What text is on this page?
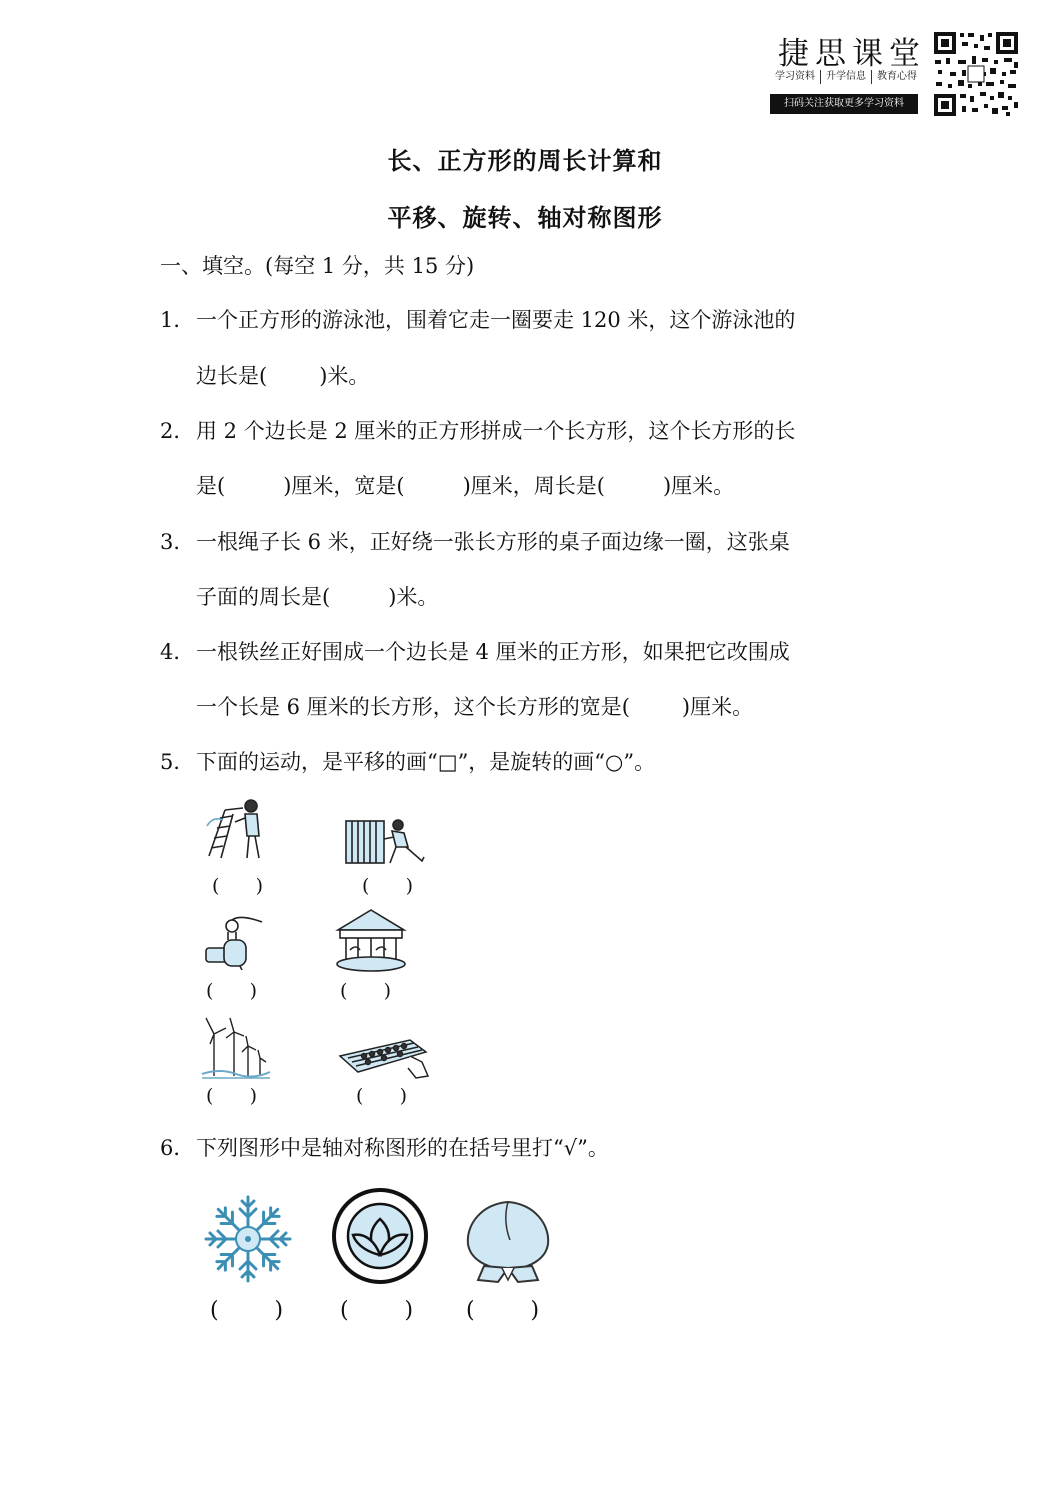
捷思课堂
学习资料	升学信息	教育心得
扫码关注获取更多学习资料
长、正方形的周长计算和
平移、旋转、轴对称图形
一、填空。(每空 1 分，共 15 分)
1．一个正方形的游泳池，围着它走一圈要走 120 米，这个游泳池的
边长是( )米。
2．用 2 个边长是 2 厘米的正方形拼成一个长方形，这个长方形的长
是(	)厘米，宽是(	)厘米，周长是(	)厘米。
3．一根绳子长 6 米，正好绕一张长方形的桌子面边缘一圈，这张桌
子面的周长是(	)米。
4．一根铁丝正好围成一个边长是 4 厘米的正方形，如果把它改围成
一个长是 6 厘米的长方形，这个长方形的宽是( )厘米。
5．下面的运动，是平移的画“□”，是旋转的画“○”。
(      )	(      )
(      )	(      )
(      )	(      )
6．下列图形中是轴对称图形的在括号里打“√”。
(        )	(        ) (        )
